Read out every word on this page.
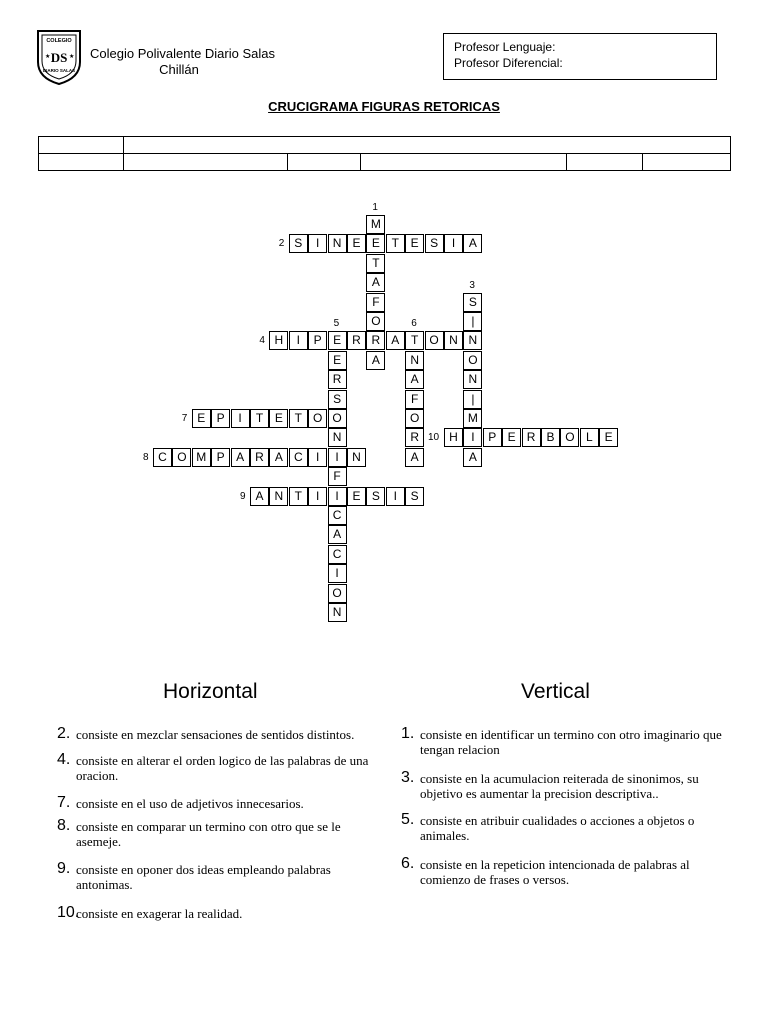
COLEGIO
DS
★	★
DIARIO SALAS
Colegio Polivalente Diario Salas
Chillán
Profesor Lenguaje:
Profesor Diferencial:
CRUCIGRAMA FIGURAS RETORICAS

M
E
T
A
F
O
R
A
1
S	I	N E	T E S	I	A
2
S
|
N
O
N
|
M
I
A
3
H	I	P E R	A T O N
4
E
R
S
O
N
I
F
I
C
A
C
I
O
N
5
N
A
F
O
R
A
6
E P	I	T E T O
7
C O M P A R A C	I	N
8
A N T	I	E S	I	S
9
H	P E R B O L	E
10
Horizontal	Vertical
2. consiste en mezclar sensaciones de sentidos distintos.
4. consiste en alterar el orden logico de las palabras de una oracion.
7. consiste en el uso de adjetivos innecesarios.
8. consiste en comparar un termino con otro que se le asemeje.
9. consiste en oponer dos ideas empleando palabras antonimas.
10.
consiste en exagerar la realidad.
1. consiste en identificar un termino con otro imaginario que tengan relacion
3. consiste en la acumulacion reiterada de sinonimos, su objetivo es aumentar la precision descriptiva..
5. consiste en atribuir cualidades o acciones a objetos o animales.
6. consiste en la repeticion intencionada de palabras al comienzo de frases o versos.
